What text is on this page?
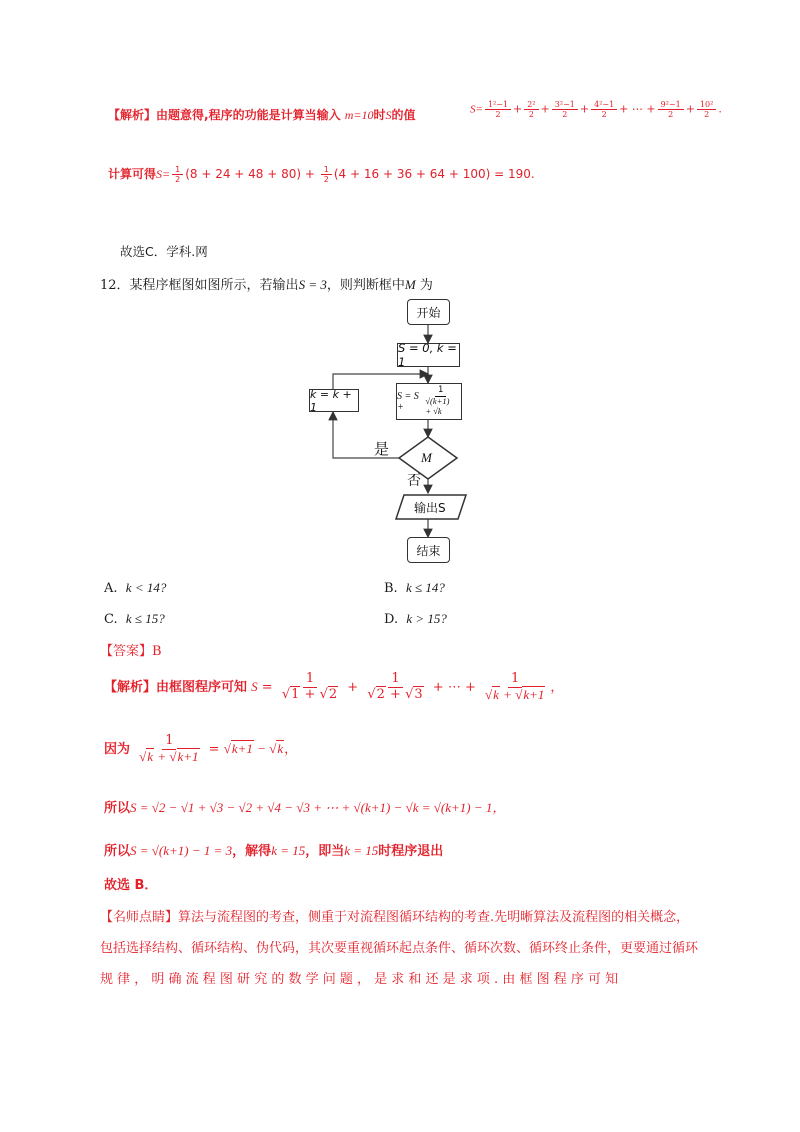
【解析】由题意得,程序的功能是计算当输入 m=10时S的值	$S= \frac{\text{1²−1}}{2} + \frac{\text{2²}}{2} + \frac{\text{3²−1}}{2} + \frac{\text{4²−1}}{2}$ + ⋯ + $\frac{\text{9²−1}}{2} + \frac{\text{10²}}{2}$ .
计算可得$S= \frac{1}{2} (8 + 24 + 48 + 80) + \frac{1}{2} (4 + 16 + 36 + 64 + 100) = 190$.
故选C．学科.网
12．某程序框图如图所示，若输出S = 3，则判断框中M 为
开始
S = 0, k = 1
S = S +	$\frac{1}{√(k+1) + √k}$
k = k + 1
M
是
否
输出S
结束
A. k < 14?	B. k ≤ 14?
C. k ≤ 15?	D. k > 15?
【答案】B
【解析】由框图程序可知 $S = \frac{1}{√1 + √2} + \frac{1}{√2 + √3}$ + ⋯ + $\frac{1}{√k + √k+1}$ ，
因为 $\frac{1}{√k + √k+1} = √k+1 - √k$，
所以S = √2 − √1 + √3 − √2 + √4 − √3 + ⋯ + √(k+1) − √k = √(k+1) − 1，
所以S = √(k+1) − 1 = 3，解得k = 15，即当k = 15时程序退出
故选 B．
【名师点睛】算法与流程图的考查，侧重于对流程图循环结构的考查.先明晰算法及流程图的相关概念，
包括选择结构、循环结构、伪代码，其次要重视循环起点条件、循环次数、循环终止条件，更要通过循环
规 律 ， 明 确 流 程 图 研 究 的 数 学 问 题 ， 是 求 和 还 是 求 项 . 由 框 图 程 序 可 知
